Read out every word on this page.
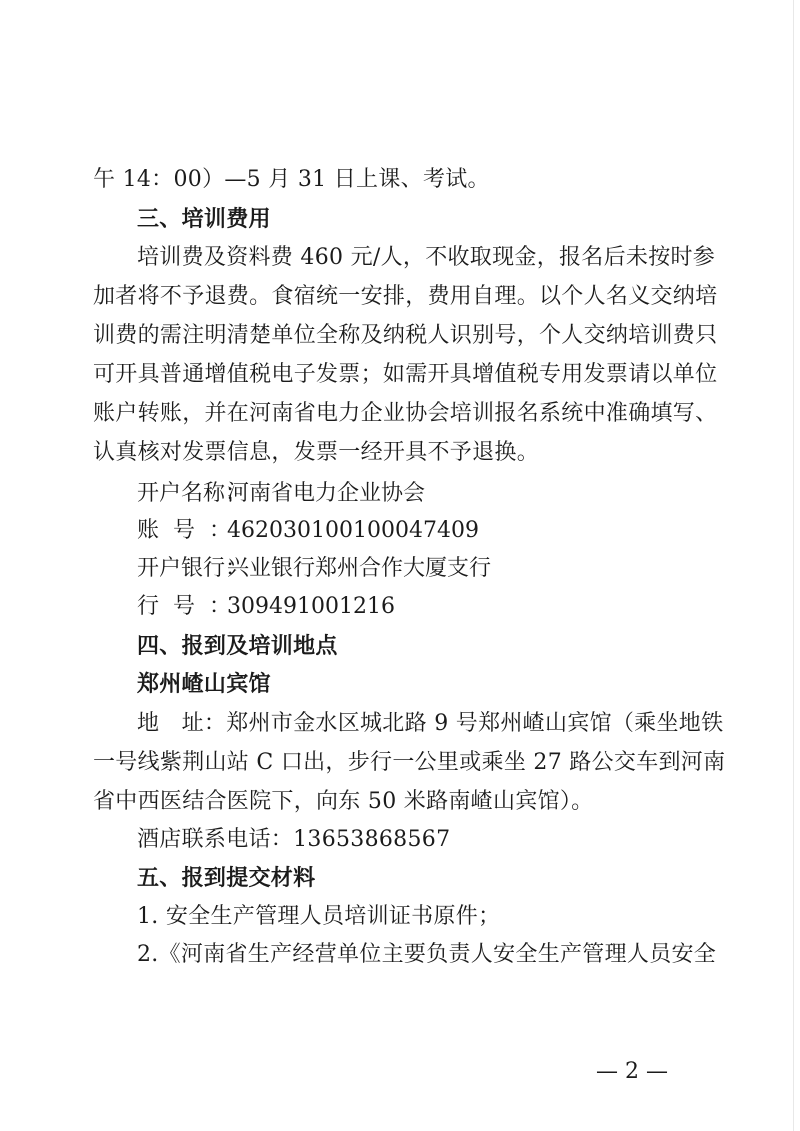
午 14：00）—5 月 31 日上课、考试。
三、培训费用
培训费及资料费 460 元/人，不收取现金，报名后未按时参
加者将不予退费。食宿统一安排，费用自理。以个人名义交纳培
训费的需注明清楚单位全称及纳税人识别号，个人交纳培训费只
可开具普通增值税电子发票；如需开具增值税专用发票请以单位
账户转账，并在河南省电力企业协会培训报名系统中准确填写、
认真核对发票信息，发票一经开具不予退换。
开户名称：河南省电力企业协会
账号：462030100100047409
开户银行：兴业银行郑州合作大厦支行
行号：309491001216
四、报到及培训地点
郑州嵖山宾馆
地　址：郑州市金水区城北路 9 号郑州嵖山宾馆（乘坐地铁
一号线紫荆山站 C 口出，步行一公里或乘坐 27 路公交车到河南
省中西医结合医院下，向东 50 米路南嵖山宾馆）。
酒店联系电话：13653868567
五、报到提交材料
1. 安全生产管理人员培训证书原件；
2.《河南省生产经营单位主要负责人安全生产管理人员安全
— 2 —
